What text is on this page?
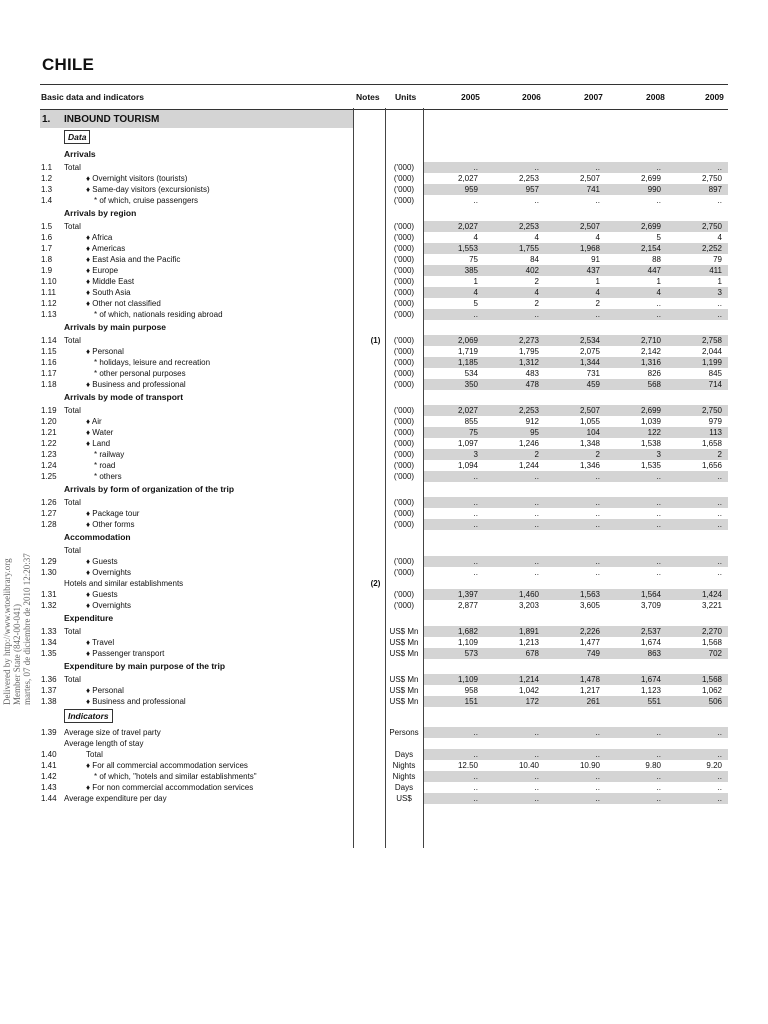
CHILE
Delivered by http://www.wtoelibrary.org Member State (842-00-041) martes, 07 de diciembre de 2010 12:20:37
Basic data and indicators	Notes Units	2005	2006	2007	2008	2009
1. INBOUND TOURISM
Data
Arrivals
1.1 Total	('000)	..	..	..	..	..
1.2	♦ Overnight visitors (tourists)	('000)	2,027	2,253	2,507	2,699	2,750
1.3	♦ Same-day visitors (excursionists)	('000)	959	957	741	990	897
1.4	* of which, cruise passengers	('000)	..	..	..	..	..
Arrivals by region
1.5 Total	('000)	2,027	2,253	2,507	2,699	2,750
1.6	♦ Africa	('000)	4	4	4	5	4
1.7	♦ Americas	('000)	1,553	1,755	1,968	2,154	2,252
1.8	♦ East Asia and the Pacific	('000)	75	84	91	88	79
1.9	♦ Europe	('000)	385	402	437	447	411
1.10	♦ Middle East	('000)	1	2	1	1	1
1.11	♦ South Asia	('000)	4	4	4	4	3
1.12	♦ Other not classified	('000)	5	2	2	..	..
1.13	* of which, nationals residing abroad	('000)	..	..	..	..	..
Arrivals by main purpose
1.14 Total	(1)	('000)	2,069	2,273	2,534	2,710	2,758
1.15	♦ Personal	('000)	1,719	1,795	2,075	2,142	2,044
1.16	* holidays, leisure and recreation	('000)	1,185	1,312	1,344	1,316	1,199
1.17	* other personal purposes	('000)	534	483	731	826	845
1.18	♦ Business and professional	('000)	350	478	459	568	714
Arrivals by mode of transport
1.19 Total	('000)	2,027	2,253	2,507	2,699	2,750
1.20	♦ Air	('000)	855	912	1,055	1,039	979
1.21	♦ Water	('000)	75	95	104	122	113
1.22	♦ Land	('000)	1,097	1,246	1,348	1,538	1,658
1.23	* railway	('000)	3	2	2	3	2
1.24	* road	('000)	1,094	1,244	1,346	1,535	1,656
1.25	* others	('000)	..	..	..	..	..
Arrivals by form of organization of the trip
1.26 Total	('000)	..	..	..	..	..
1.27	♦ Package tour	('000)	..	..	..	..	..
1.28	♦ Other forms	('000)	..	..	..	..	..
Accommodation
Total
1.29	♦ Guests	('000)	..	..	..	..	..
1.30	♦ Overnights	('000)	..	..	..	..	..
Hotels and similar establishments	(2)
1.31	♦ Guests	('000)	1,397	1,460	1,563	1,564	1,424
1.32	♦ Overnights	('000)	2,877	3,203	3,605	3,709	3,221
Expenditure
1.33 Total	US$ Mn	1,682	1,891	2,226	2,537	2,270
1.34	♦ Travel	US$ Mn	1,109	1,213	1,477	1,674	1,568
1.35	♦ Passenger transport	US$ Mn	573	678	749	863	702
Expenditure by main purpose of the trip
1.36 Total	US$ Mn	1,109	1,214	1,478	1,674	1,568
1.37	♦ Personal	US$ Mn	958	1,042	1,217	1,123	1,062
1.38	♦ Business and professional	US$ Mn	151	172	261	551	506
Indicators
1.39 Average size of travel party	Persons	..	..	..	..	..
Average length of stay
1.40	Total	Days	..	..	..	..	..
1.41	♦ For all commercial accommodation services	Nights	12.50	10.40	10.90	9.80	9.20
1.42	* of which, "hotels and similar establishments"	Nights	..	..	..	..	..
1.43	♦ For non commercial accommodation services	Days	..	..	..	..	..
1.44 Average expenditure per day	US$	..	..	..	..	..
